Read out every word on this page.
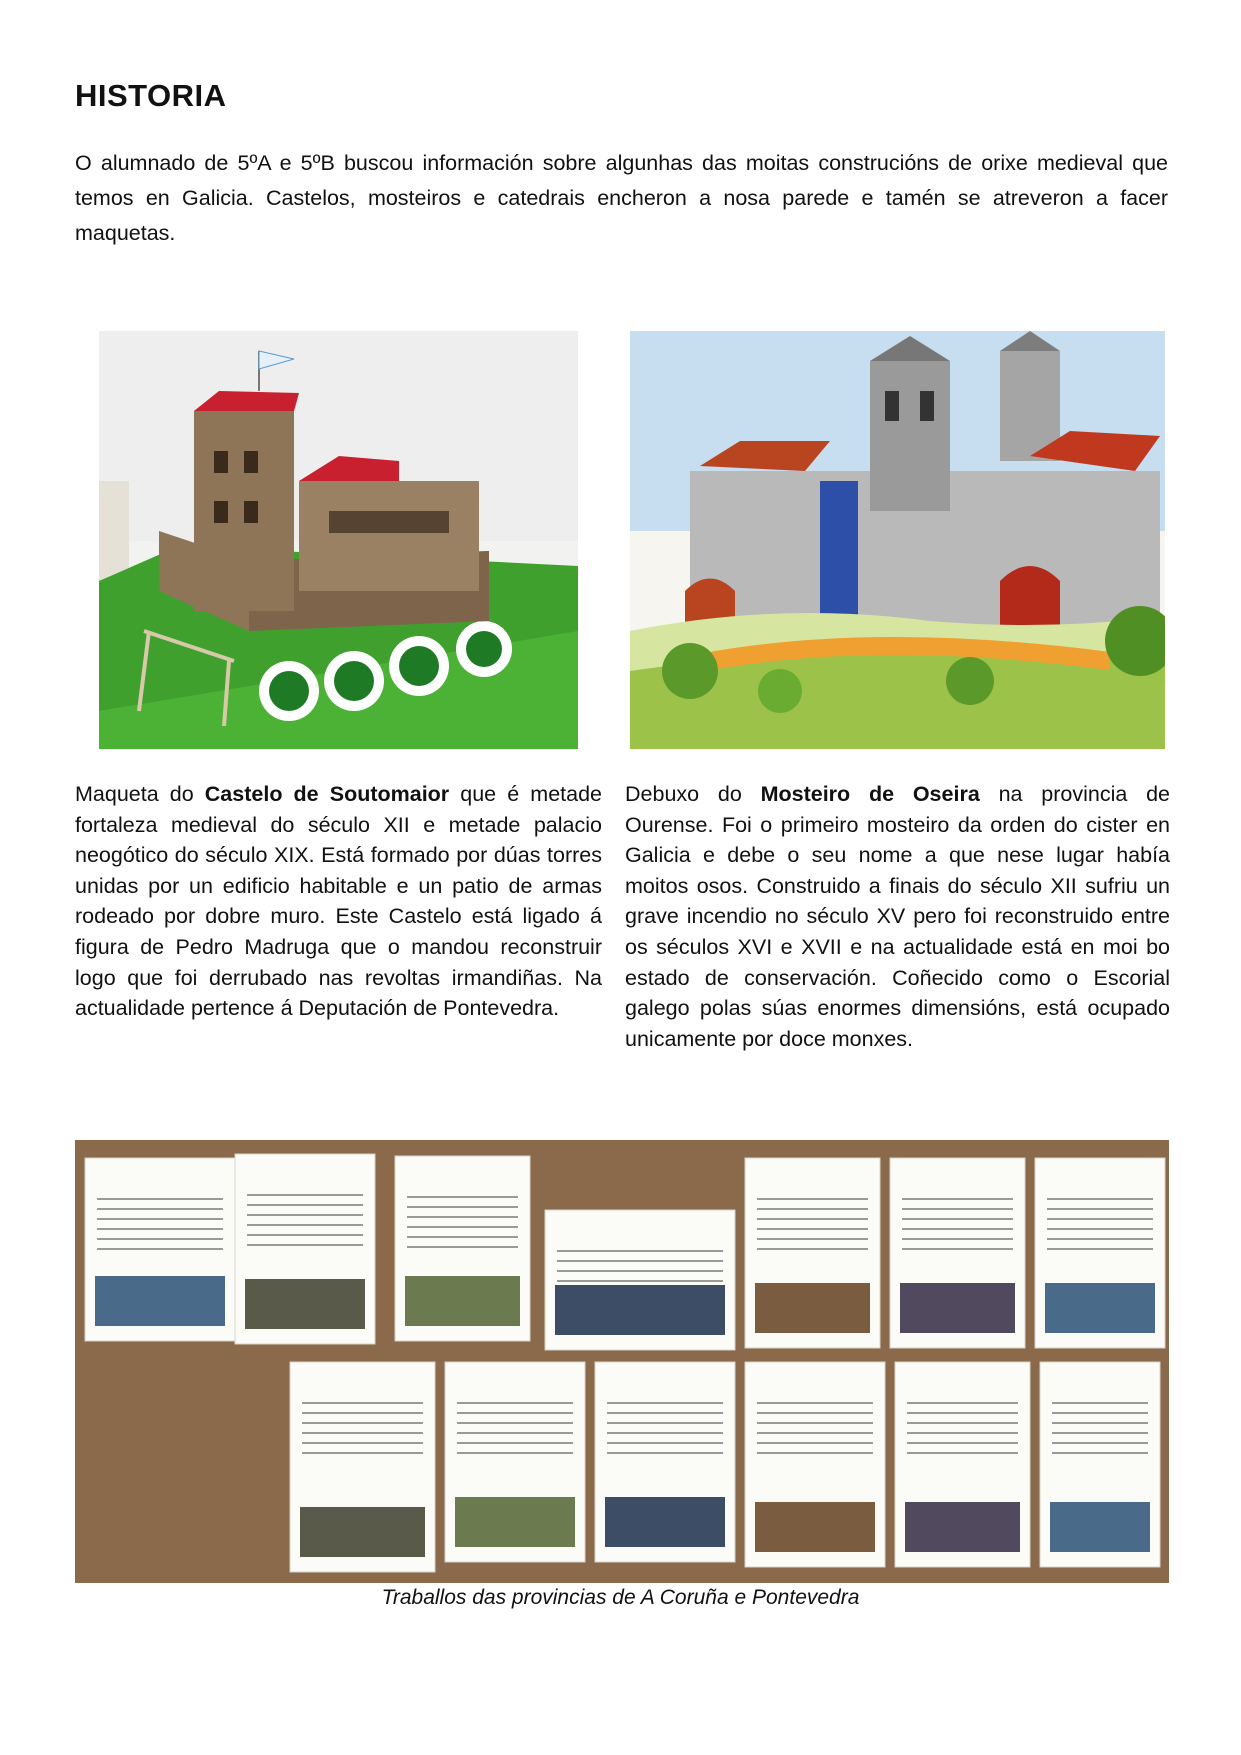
HISTORIA
O alumnado de 5ºA e 5ºB buscou información sobre algunhas das moitas construcións de orixe medieval que temos en Galicia. Castelos, mosteiros e catedrais encheron a nosa parede e tamén se atreveron a facer maquetas.
Maqueta do Castelo de Soutomaior que é metade fortaleza medieval do século XII e metade palacio neogótico do século XIX. Está formado por dúas torres unidas por un edificio habitable e un patio de armas rodeado por dobre muro. Este Castelo está ligado á figura de Pedro Madruga que o mandou reconstruir logo que foi derrubado nas revoltas irmandiñas. Na actualidade pertence á Deputación de Pontevedra.
Debuxo do Mosteiro de Oseira na provincia de Ourense. Foi o primeiro mosteiro da orden do cister en Galicia e debe o seu nome a que nese lugar había moitos osos. Construido a finais do século XII sufriu un grave incendio no século XV pero foi reconstruido entre os séculos XVI e XVII e na actualidade está en moi bo estado de conservación. Coñecido como o Escorial galego polas súas enormes dimensións, está ocupado unicamente por doce monxes.
Traballos das provincias de A Coruña e Pontevedra
